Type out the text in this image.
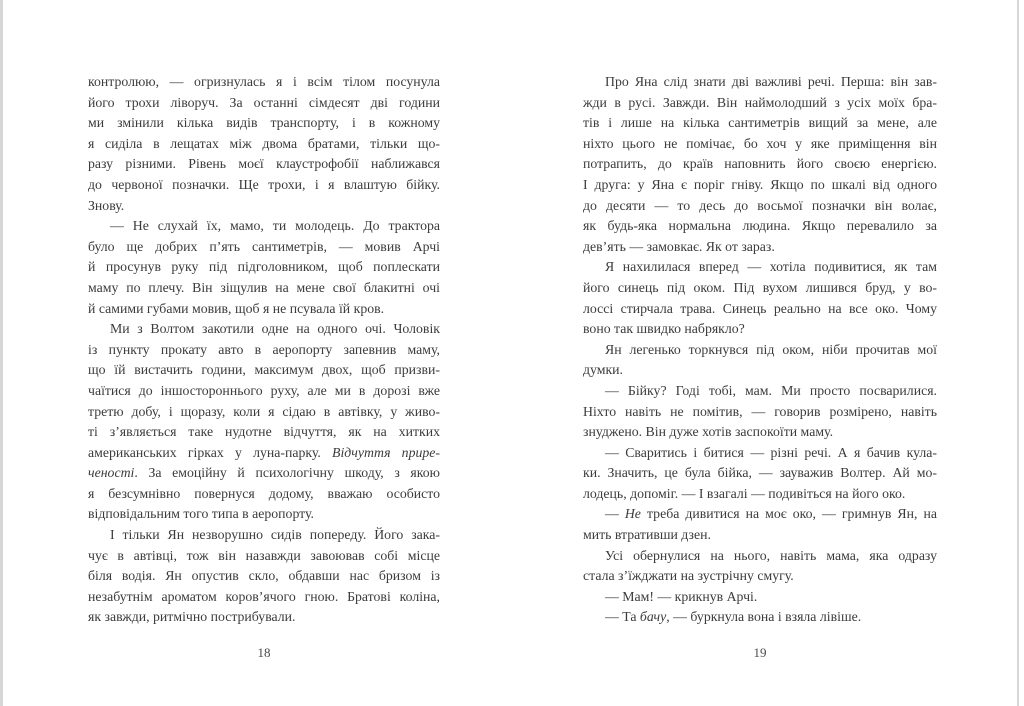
контролюю, — огризнулась я і всім тілом посунула
його трохи ліворуч. За останні сімдесят дві години
ми змінили кілька видів транспорту, і в кожному
я сиділа в лещатах між двома братами, тільки що-
разу різними. Рівень моєї клаустрофобії наближався
до червоної позначки. Ще трохи, і я влаштую бійку.
Знову.
— Не слухай їх, мамо, ти молодець. До трактора
було ще добрих п’ять сантиметрів, — мовив Арчі
й просунув руку під підголовником, щоб поплескати
маму по плечу. Він зіщулив на мене свої блакитні очі
й самими губами мовив, щоб я не псувала їй кров.
Ми з Волтом закотили одне на одного очі. Чоловік
із пункту прокату авто в аеропорту запевнив маму,
що їй вистачить години, максимум двох, щоб призви-
чаїтися до іншостороннього руху, але ми в дорозі вже
третю добу, і щоразу, коли я сідаю в автівку, у живо-
ті з’являється таке нудотне відчуття, як на хитких
американських гірках у луна-парку. Відчуття прире-
ченості. За емоційну й психологічну шкоду, з якою
я безсумнівно повернуся додому, вважаю особисто
відповідальним того типа в аеропорту.
І тільки Ян незворушно сидів попереду. Його зака-
чує в автівці, тож він назавжди завоював собі місце
біля водія. Ян опустив скло, обдавши нас бризом із
незабутнім ароматом коров’ячого гною. Братові коліна,
як завжди, ритмічно пострибували.
Про Яна слід знати дві важливі речі. Перша: він зав-
жди в русі. Завжди. Він наймолодший з усіх моїх бра-
тів і лише на кілька сантиметрів вищий за мене, але
ніхто цього не помічає, бо хоч у яке приміщення він
потрапить, до країв наповнить його своєю енергією.
І друга: у Яна є поріг гніву. Якщо по шкалі від одного
до десяти — то десь до восьмої позначки він волає,
як будь-яка нормальна людина. Якщо перевалило за
дев’ять — замовкає. Як от зараз.
Я нахилилася вперед — хотіла подивитися, як там
його синець під оком. Під вухом лишився бруд, у во-
лоссі стирчала трава. Синець реально на все око. Чому
воно так швидко набрякло?
Ян легенько торкнувся під оком, ніби прочитав мої
думки.
— Бійку? Годі тобі, мам. Ми просто посварилися.
Ніхто навіть не помітив, — говорив розмірено, навіть
знуджено. Він дуже хотів заспокоїти маму.
— Сваритись і битися — різні речі. А я бачив кула-
ки. Значить, це була бійка, — зауважив Волтер. Ай мо-
лодець, допоміг. — І взагалі — подивіться на його око.
— Не треба дивитися на моє око, — гримнув Ян, на
мить втративши дзен.
Усі обернулися на нього, навіть мама, яка одразу
стала з’їжджати на зустрічну смугу.
— Мам! — крикнув Арчі.
— Та бачу, — буркнула вона і взяла лівіше.
18	19
